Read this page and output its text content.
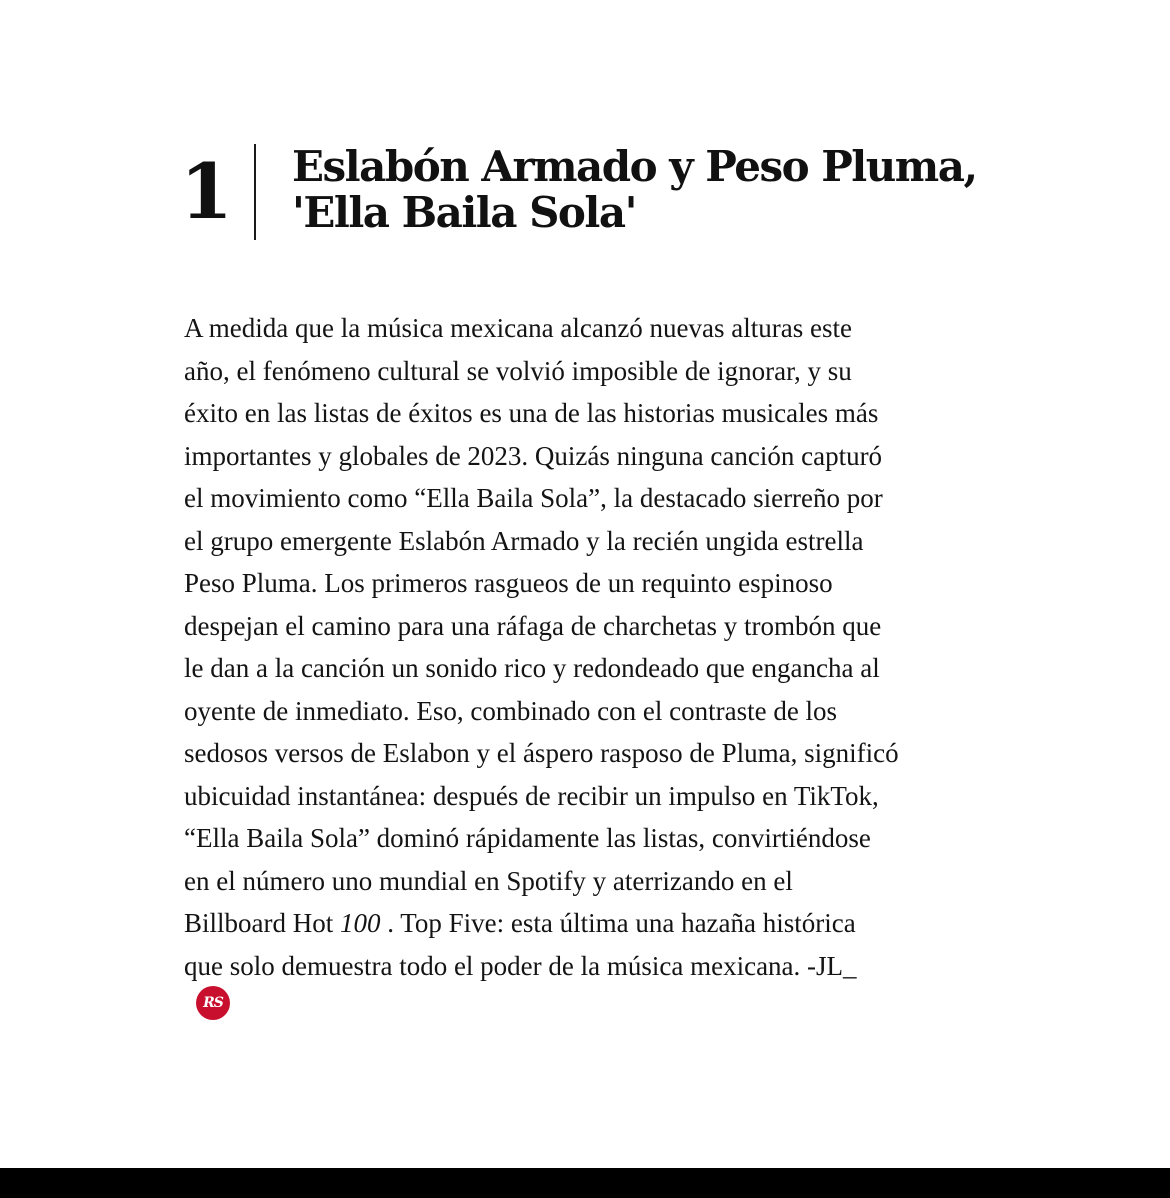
1 Eslabón Armado y Peso Pluma,
'Ella Baila Sola'
A medida que la música mexicana alcanzó nuevas alturas este
año, el fenómeno cultural se volvió imposible de ignorar, y su
éxito en las listas de éxitos es una de las historias musicales más
importantes y globales de 2023. Quizás ninguna canción capturó
el movimiento como “Ella Baila Sola”, la destacado sierreño por
el grupo emergente Eslabón Armado y la recién ungida estrella
Peso Pluma. Los primeros rasgueos de un requinto espinoso
despejan el camino para una ráfaga de charchetas y trombón que
le dan a la canción un sonido rico y redondeado que engancha al
oyente de inmediato. Eso, combinado con el contraste de los
sedosos versos de Eslabon y el áspero rasposo de Pluma, significó
ubicuidad instantánea: después de recibir un impulso en TikTok,
“Ella Baila Sola” dominó rápidamente las listas, convirtiéndose
en el número uno mundial en Spotify y aterrizando en el
Billboard Hot 100 . Top Five: esta última una hazaña histórica
que solo demuestra todo el poder de la música mexicana. -JL_
RS
